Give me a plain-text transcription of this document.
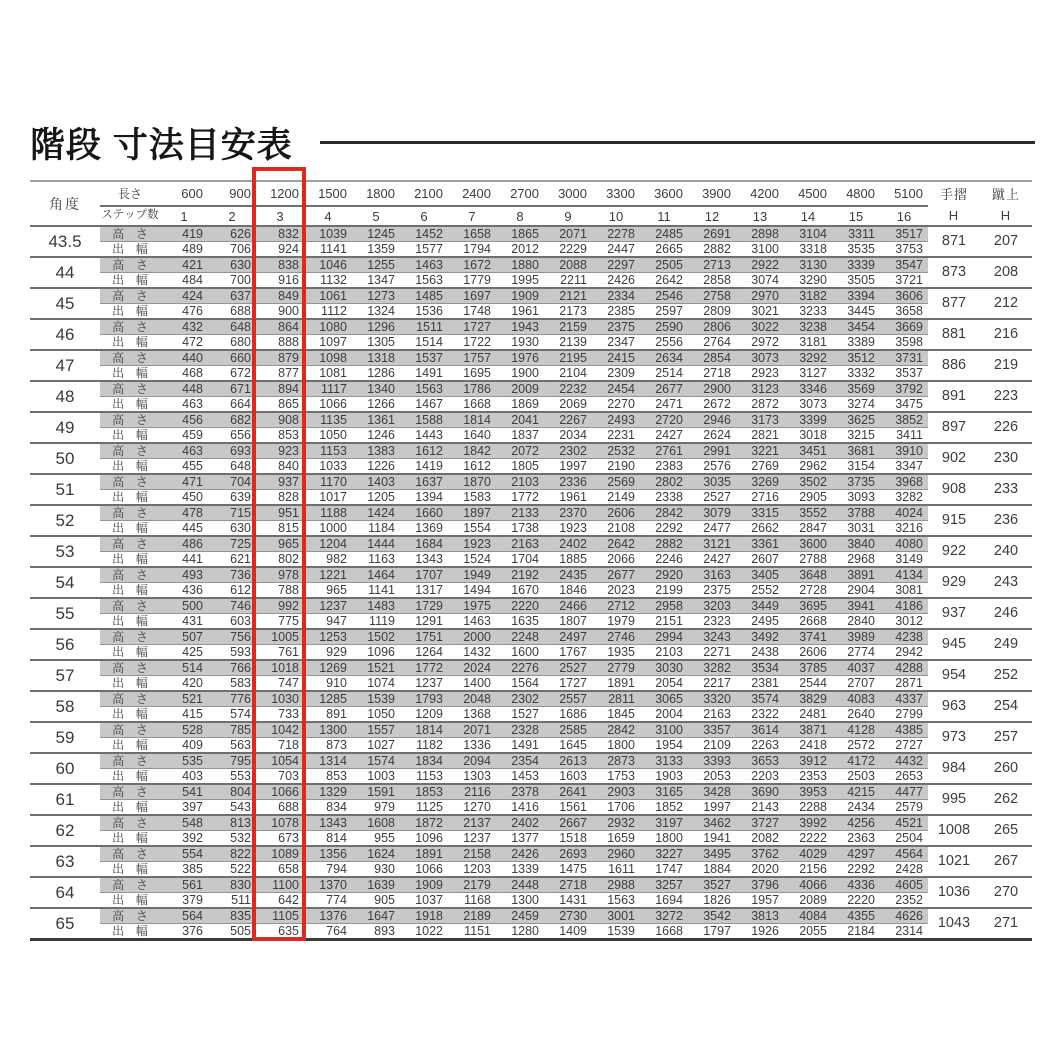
階段 寸法目安表
角度	長さ	600	900	1200	1500	1800	2100	2400	2700	3000	3300	3600	3900	4200	4500	4800	5100	手摺	蹴上
	ステップ数	1	2	3	4	5	6	7	8	9	10	11	12	13	14	15	16	H	H
43.5	高 さ	419	626	832	1039	1245	1452	1658	1865	2071	2278	2485	2691	2898	3104	3311	3517	871	207
	出 幅	489	706	924	1141	1359	1577	1794	2012	2229	2447	2665	2882	3100	3318	3535	3753		
44	高 さ	421	630	838	1046	1255	1463	1672	1880	2088	2297	2505	2713	2922	3130	3339	3547	873	208
	出 幅	484	700	916	1132	1347	1563	1779	1995	2211	2426	2642	2858	3074	3290	3505	3721		
45	高 さ	424	637	849	1061	1273	1485	1697	1909	2121	2334	2546	2758	2970	3182	3394	3606	877	212
	出 幅	476	688	900	1112	1324	1536	1748	1961	2173	2385	2597	2809	3021	3233	3445	3658		
46	高 さ	432	648	864	1080	1296	1511	1727	1943	2159	2375	2590	2806	3022	3238	3454	3669	881	216
	出 幅	472	680	888	1097	1305	1514	1722	1930	2139	2347	2556	2764	2972	3181	3389	3598		
47	高 さ	440	660	879	1098	1318	1537	1757	1976	2195	2415	2634	2854	3073	3292	3512	3731	886	219
	出 幅	468	672	877	1081	1286	1491	1695	1900	2104	2309	2514	2718	2923	3127	3332	3537		
48	高 さ	448	671	894	1117	1340	1563	1786	2009	2232	2454	2677	2900	3123	3346	3569	3792	891	223
	出 幅	463	664	865	1066	1266	1467	1668	1869	2069	2270	2471	2672	2872	3073	3274	3475		
49	高 さ	456	682	908	1135	1361	1588	1814	2041	2267	2493	2720	2946	3173	3399	3625	3852	897	226
	出 幅	459	656	853	1050	1246	1443	1640	1837	2034	2231	2427	2624	2821	3018	3215	3411		
50	高 さ	463	693	923	1153	1383	1612	1842	2072	2302	2532	2761	2991	3221	3451	3681	3910	902	230
	出 幅	455	648	840	1033	1226	1419	1612	1805	1997	2190	2383	2576	2769	2962	3154	3347		
51	高 さ	471	704	937	1170	1403	1637	1870	2103	2336	2569	2802	3035	3269	3502	3735	3968	908	233
	出 幅	450	639	828	1017	1205	1394	1583	1772	1961	2149	2338	2527	2716	2905	3093	3282		
52	高 さ	478	715	951	1188	1424	1660	1897	2133	2370	2606	2842	3079	3315	3552	3788	4024	915	236
	出 幅	445	630	815	1000	1184	1369	1554	1738	1923	2108	2292	2477	2662	2847	3031	3216		
53	高 さ	486	725	965	1204	1444	1684	1923	2163	2402	2642	2882	3121	3361	3600	3840	4080	922	240
	出 幅	441	621	802	982	1163	1343	1524	1704	1885	2066	2246	2427	2607	2788	2968	3149		
54	高 さ	493	736	978	1221	1464	1707	1949	2192	2435	2677	2920	3163	3405	3648	3891	4134	929	243
	出 幅	436	612	788	965	1141	1317	1494	1670	1846	2023	2199	2375	2552	2728	2904	3081		
55	高 さ	500	746	992	1237	1483	1729	1975	2220	2466	2712	2958	3203	3449	3695	3941	4186	937	246
	出 幅	431	603	775	947	1119	1291	1463	1635	1807	1979	2151	2323	2495	2668	2840	3012		
56	高 さ	507	756	1005	1253	1502	1751	2000	2248	2497	2746	2994	3243	3492	3741	3989	4238	945	249
	出 幅	425	593	761	929	1096	1264	1432	1600	1767	1935	2103	2271	2438	2606	2774	2942		
57	高 さ	514	766	1018	1269	1521	1772	2024	2276	2527	2779	3030	3282	3534	3785	4037	4288	954	252
	出 幅	420	583	747	910	1074	1237	1400	1564	1727	1891	2054	2217	2381	2544	2707	2871		
58	高 さ	521	776	1030	1285	1539	1793	2048	2302	2557	2811	3065	3320	3574	3829	4083	4337	963	254
	出 幅	415	574	733	891	1050	1209	1368	1527	1686	1845	2004	2163	2322	2481	2640	2799		
59	高 さ	528	785	1042	1300	1557	1814	2071	2328	2585	2842	3100	3357	3614	3871	4128	4385	973	257
	出 幅	409	563	718	873	1027	1182	1336	1491	1645	1800	1954	2109	2263	2418	2572	2727		
60	高 さ	535	795	1054	1314	1574	1834	2094	2354	2613	2873	3133	3393	3653	3912	4172	4432	984	260
	出 幅	403	553	703	853	1003	1153	1303	1453	1603	1753	1903	2053	2203	2353	2503	2653		
61	高 さ	541	804	1066	1329	1591	1853	2116	2378	2641	2903	3165	3428	3690	3953	4215	4477	995	262
	出 幅	397	543	688	834	979	1125	1270	1416	1561	1706	1852	1997	2143	2288	2434	2579		
62	高 さ	548	813	1078	1343	1608	1872	2137	2402	2667	2932	3197	3462	3727	3992	4256	4521	1008	265
	出 幅	392	532	673	814	955	1096	1237	1377	1518	1659	1800	1941	2082	2222	2363	2504		
63	高 さ	554	822	1089	1356	1624	1891	2158	2426	2693	2960	3227	3495	3762	4029	4297	4564	1021	267
	出 幅	385	522	658	794	930	1066	1203	1339	1475	1611	1747	1884	2020	2156	2292	2428		
64	高 さ	561	830	1100	1370	1639	1909	2179	2448	2718	2988	3257	3527	3796	4066	4336	4605	1036	270
	出 幅	379	511	642	774	905	1037	1168	1300	1431	1563	1694	1826	1957	2089	2220	2352		
65	高 さ	564	835	1105	1376	1647	1918	2189	2459	2730	3001	3272	3542	3813	4084	4355	4626	1043	271
	出 幅	376	505	635	764	893	1022	1151	1280	1409	1539	1668	1797	1926	2055	2184	2314		
